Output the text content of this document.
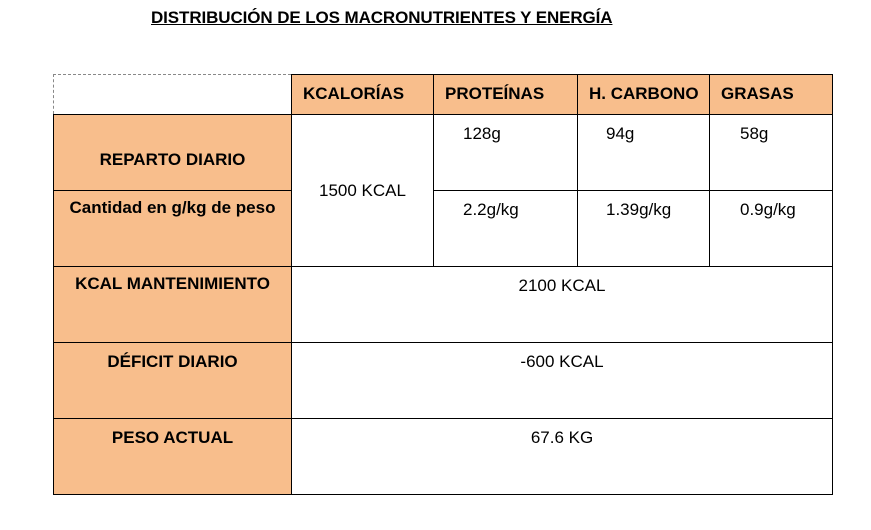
DISTRIBUCIÓN DE LOS MACRONUTRIENTES Y ENERGÍA
	KCALORÍAS	PROTEÍNAS	H. CARBONO	GRASAS
REPARTO DIARIO	1500 KCAL	128g	94g	58g
Cantidad en g/kg de peso		2.2g/kg	1.39g/kg	0.9g/kg
KCAL MANTENIMIENTO	2100 KCAL			
DÉFICIT DIARIO	-600 KCAL			
PESO ACTUAL	67.6 KG			
